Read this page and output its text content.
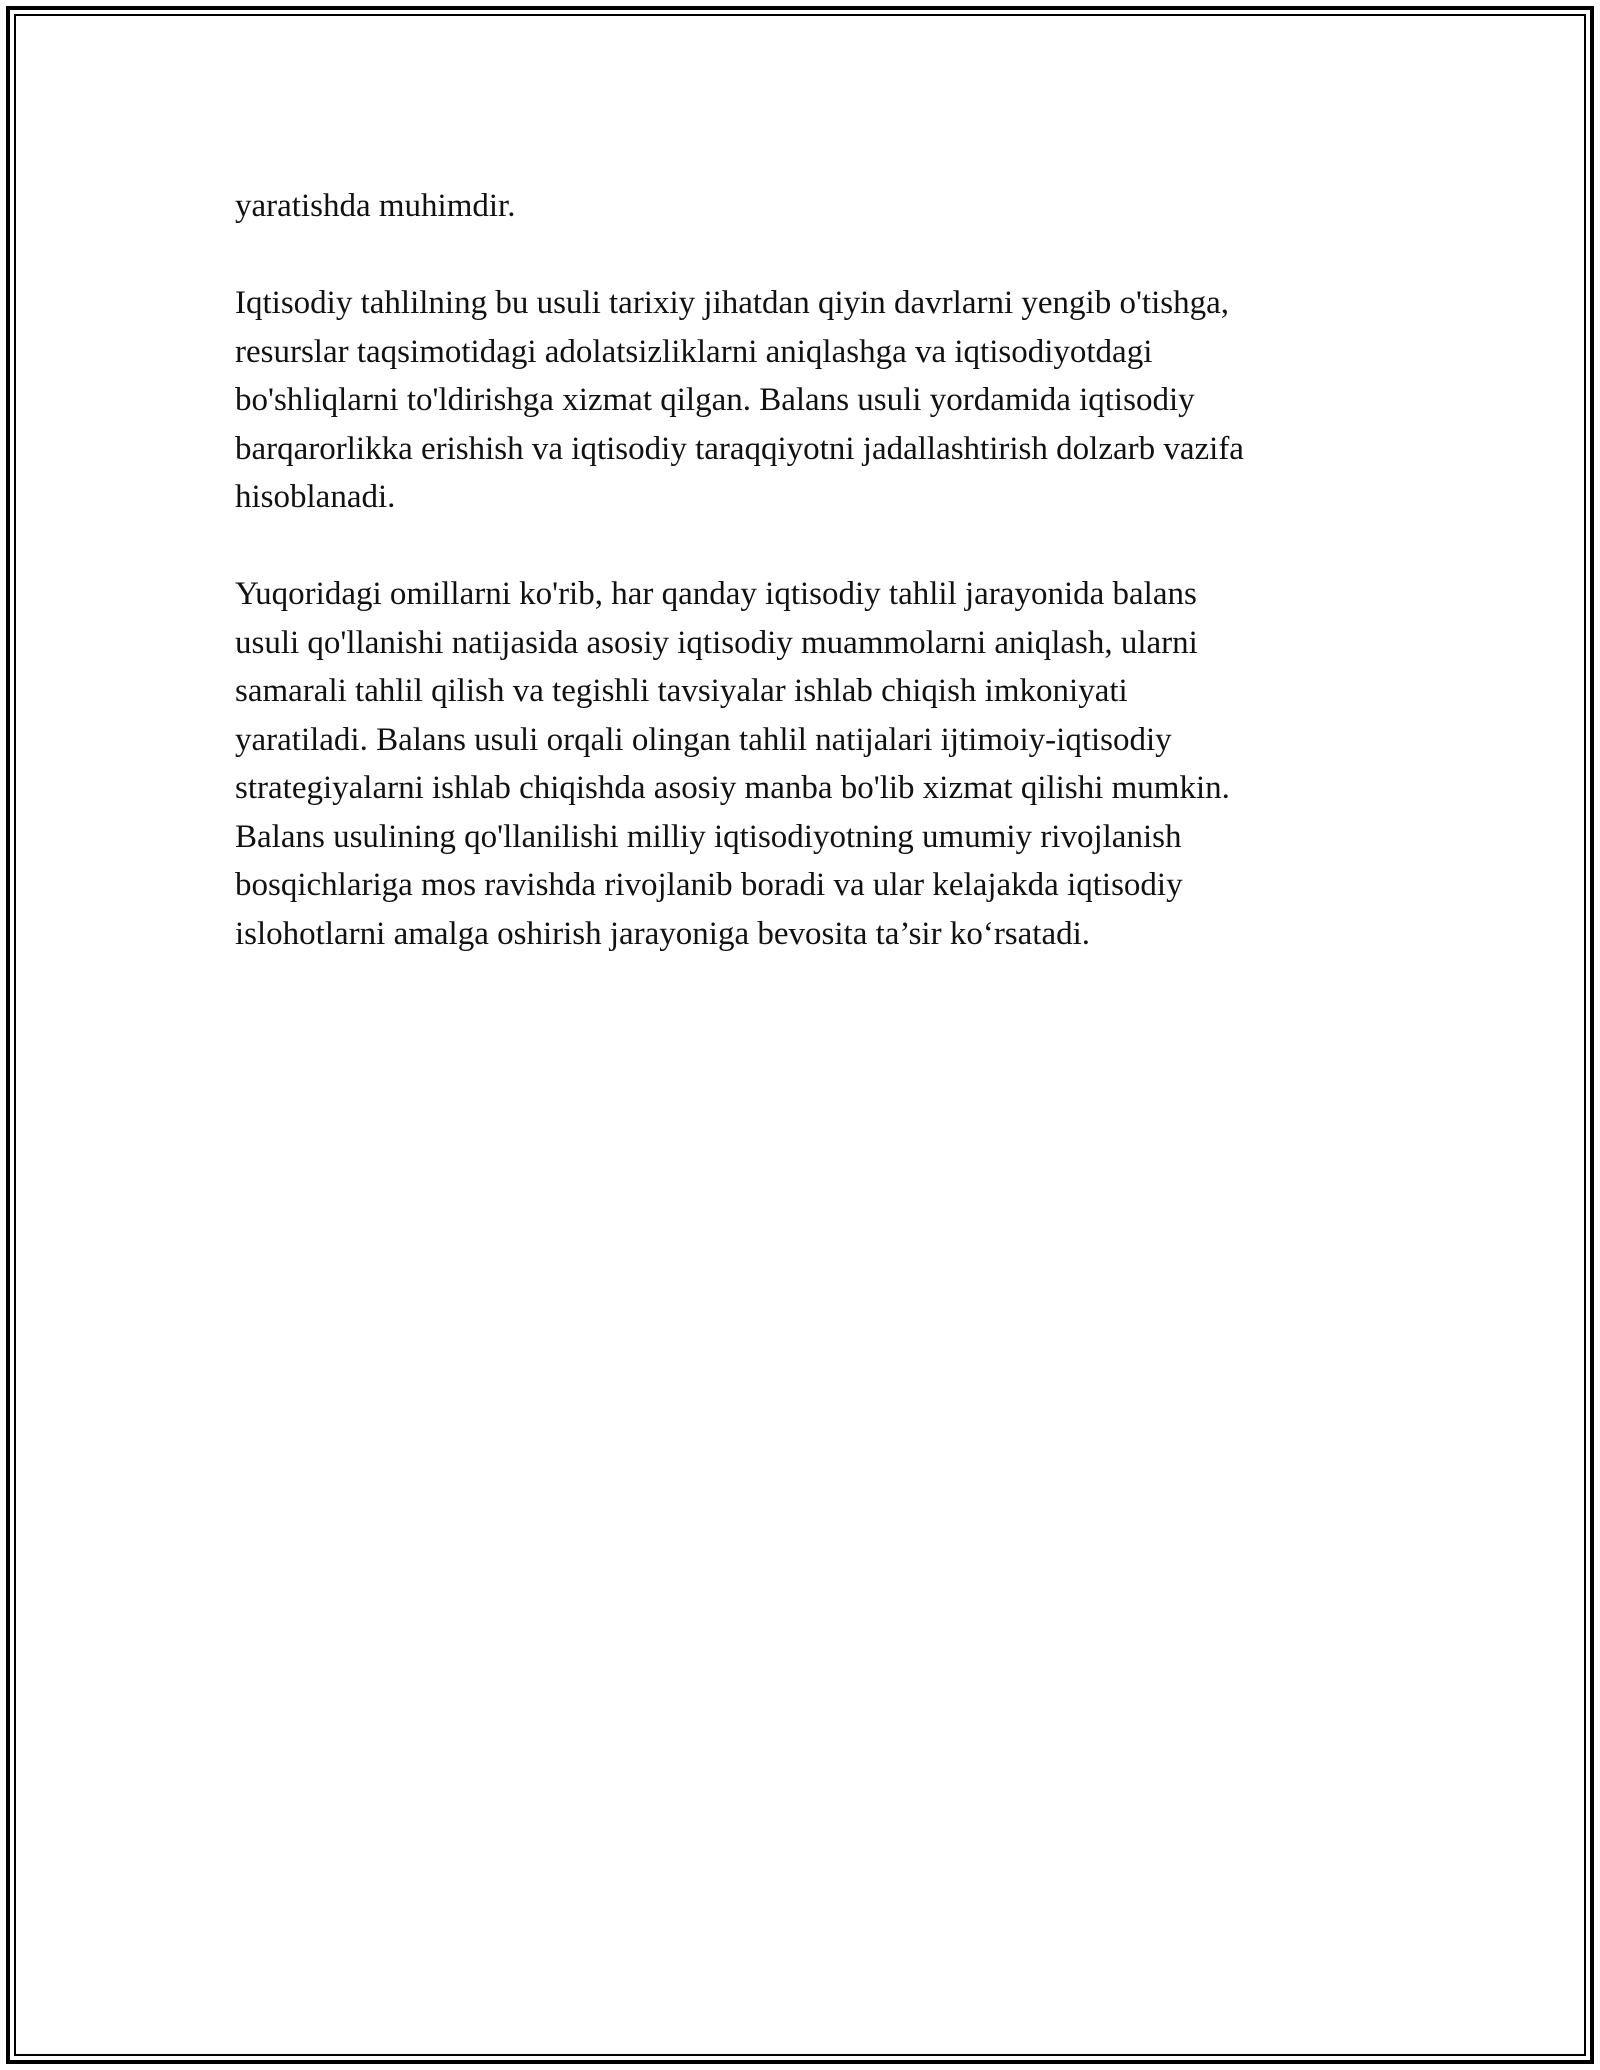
yaratishda muhimdir.

Iqtisodiy tahlilning bu usuli tarixiy jihatdan qiyin davrlarni yengib o'tishga,
resurslar taqsimotidagi adolatsizliklarni aniqlashga va iqtisodiyotdagi
bo'shliqlarni to'ldirishga xizmat qilgan. Balans usuli yordamida iqtisodiy
barqarorlikka erishish va iqtisodiy taraqqiyotni jadallashtirish dolzarb vazifa
hisoblanadi.

Yuqoridagi omillarni ko'rib, har qanday iqtisodiy tahlil jarayonida balans
usuli qo'llanishi natijasida asosiy iqtisodiy muammolarni aniqlash, ularni
samarali tahlil qilish va tegishli tavsiyalar ishlab chiqish imkoniyati
yaratiladi. Balans usuli orqali olingan tahlil natijalari ijtimoiy-iqtisodiy
strategiyalarni ishlab chiqishda asosiy manba bo'lib xizmat qilishi mumkin.
Balans usulining qo'llanilishi milliy iqtisodiyotning umumiy rivojlanish
bosqichlariga mos ravishda rivojlanib boradi va ular kelajakda iqtisodiy
islohotlarni amalga oshirish jarayoniga bevosita ta’sir ko‘rsatadi.
